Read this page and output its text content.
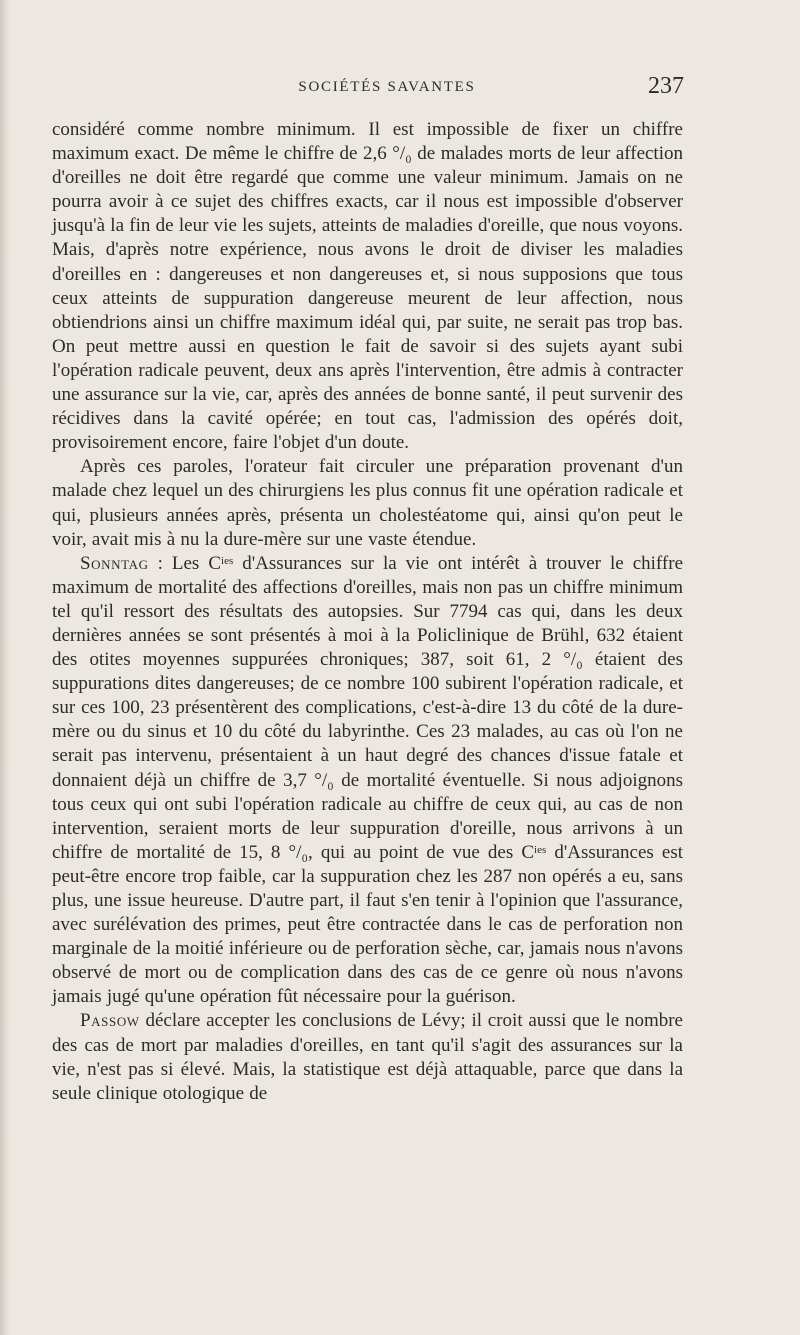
SOCIÉTÉS SAVANTES	237

considéré comme nombre minimum. Il est impossible de fixer un chiffre maximum exact. De même le chiffre de 2,6 °/₀ de malades morts de leur affection d'oreilles ne doit être regardé que comme une valeur minimum. Jamais on ne pourra avoir à ce sujet des chiffres exacts, car il nous est impossible d'observer jusqu'à la fin de leur vie les sujets, atteints de maladies d'oreille, que nous voyons. Mais, d'après notre expérience, nous avons le droit de diviser les maladies d'oreilles en : dangereuses et non dangereuses et, si nous supposions que tous ceux atteints de suppuration dangereuse meurent de leur affection, nous obtiendrions ainsi un chiffre maximum idéal qui, par suite, ne serait pas trop bas. On peut mettre aussi en question le fait de savoir si des sujets ayant subi l'opération radicale peuvent, deux ans après l'intervention, être admis à contracter une assurance sur la vie, car, après des années de bonne santé, il peut survenir des récidives dans la cavité opérée; en tout cas, l'admission des opérés doit, provisoirement encore, faire l'objet d'un doute.

Après ces paroles, l'orateur fait circuler une préparation provenant d'un malade chez lequel un des chirurgiens les plus connus fit une opération radicale et qui, plusieurs années après, présenta un cholestéatome qui, ainsi qu'on peut le voir, avait mis à nu la dure-mère sur une vaste étendue.

Sonntag : Les $C^{ies}$ d'Assurances sur la vie ont intérêt à trouver le chiffre maximum de mortalité des affections d'oreilles, mais non pas un chiffre minimum tel qu'il ressort des résultats des autopsies. Sur 7794 cas qui, dans les deux dernières années se sont présentés à moi à la Policlinique de Brühl, 632 étaient des otites moyennes suppurées chroniques; 387, soit 61, 2 °/₀ étaient des suppurations dites dangereuses; de ce nombre 100 subirent l'opération radicale, et sur ces 100, 23 présentèrent des complications, c'est-à-dire 13 du côté de la dure-mère ou du sinus et 10 du côté du labyrinthe. Ces 23 malades, au cas où l'on ne serait pas intervenu, présentaient à un haut degré des chances d'issue fatale et donnaient déjà un chiffre de 3,7 °/₀ de mortalité éventuelle. Si nous adjoignons tous ceux qui ont subi l'opération radicale au chiffre de ceux qui, au cas de non intervention, seraient morts de leur suppuration d'oreille, nous arrivons à un chiffre de mortalité de 15, 8 °/₀, qui au point de vue des $C^{ies}$ d'Assurances est peut-être encore trop faible, car la suppuration chez les 287 non opérés a eu, sans plus, une issue heureuse. D'autre part, il faut s'en tenir à l'opinion que l'assurance, avec surélévation des primes, peut être contractée dans le cas de perforation non marginale de la moitié inférieure ou de perforation sèche, car, jamais nous n'avons observé de mort ou de complication dans des cas de ce genre où nous n'avons jamais jugé qu'une opération fût nécessaire pour la guérison.

Passow déclare accepter les conclusions de Lévy; il croit aussi que le nombre des cas de mort par maladies d'oreilles, en tant qu'il s'agit des assurances sur la vie, n'est pas si élevé. Mais, la statistique est déjà attaquable, parce que dans la seule clinique otologique de
